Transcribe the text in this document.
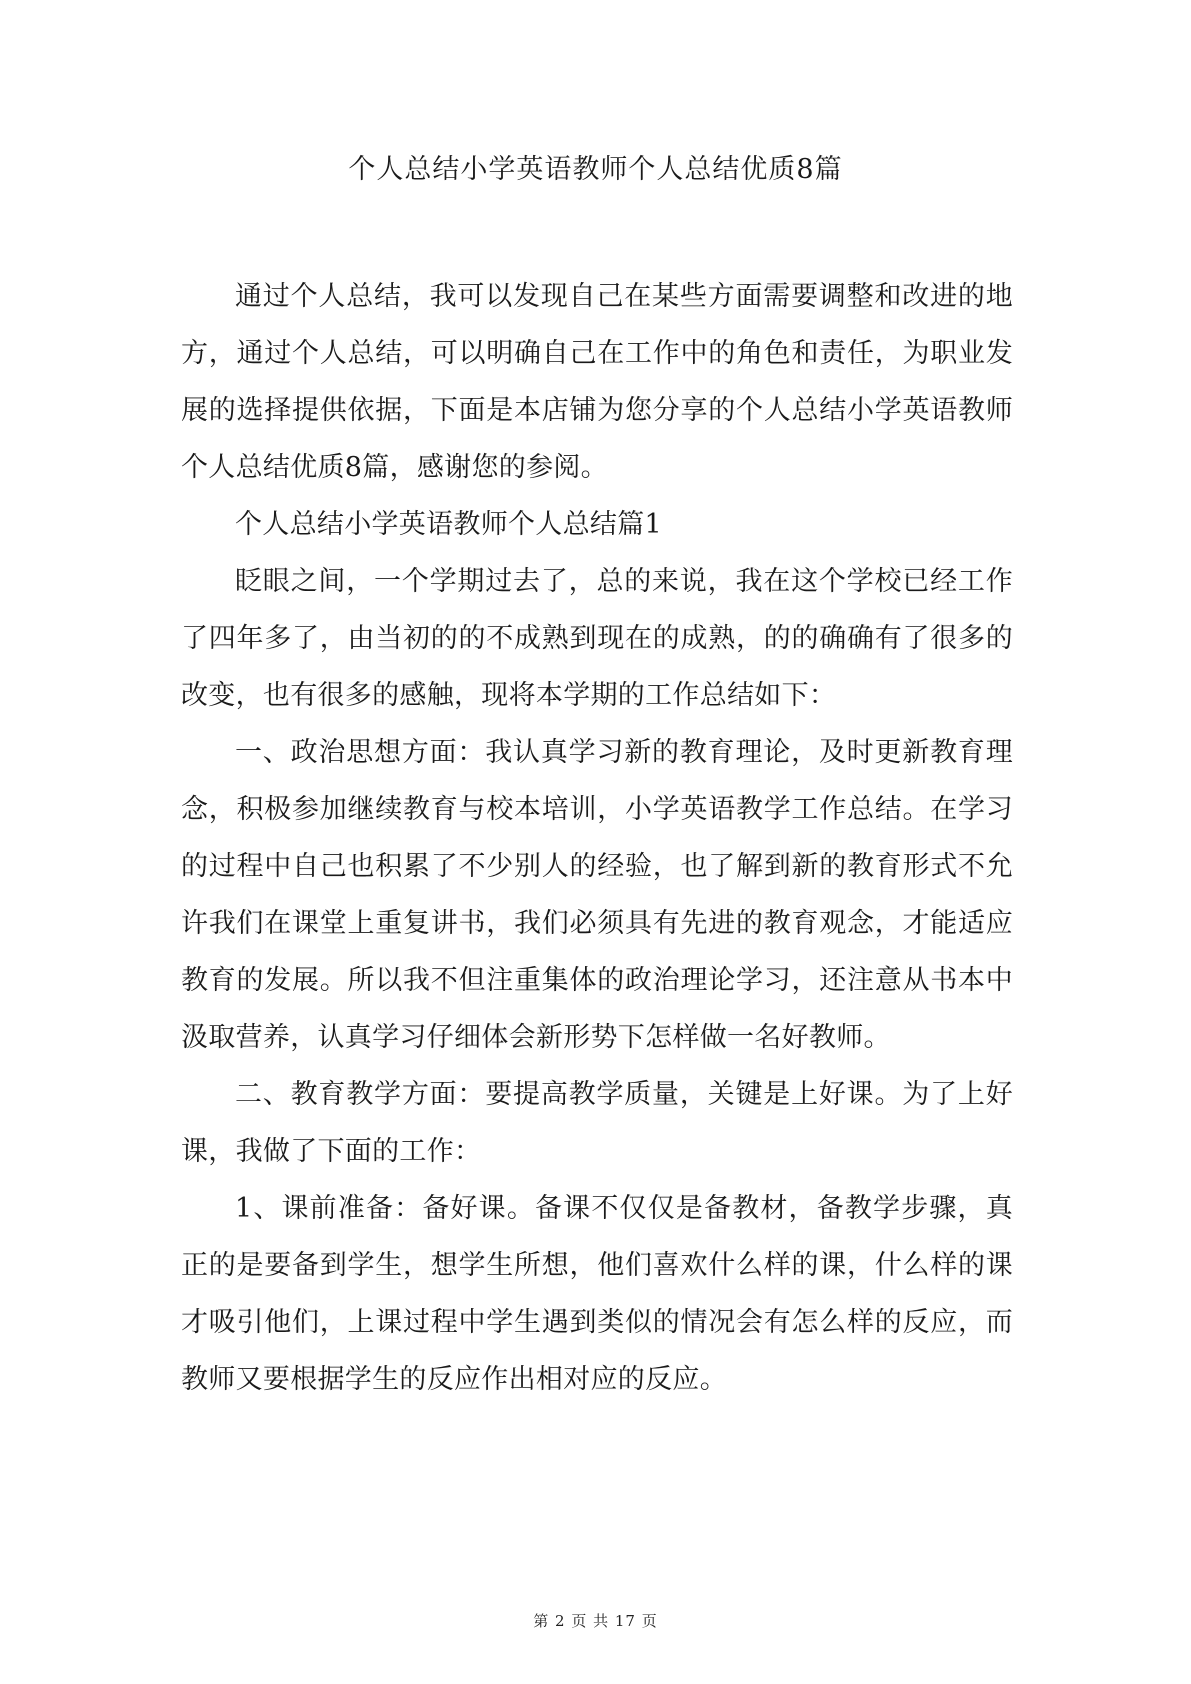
个人总结小学英语教师个人总结优质8篇

通过个人总结，我可以发现自己在某些方面需要调整和改进的地方，通过个人总结，可以明确自己在工作中的角色和责任，为职业发展的选择提供依据，下面是本店铺为您分享的个人总结小学英语教师个人总结优质8篇，感谢您的参阅。

个人总结小学英语教师个人总结篇1

眨眼之间，一个学期过去了，总的来说，我在这个学校已经工作了四年多了，由当初的的不成熟到现在的成熟，的的确确有了很多的改变，也有很多的感触，现将本学期的工作总结如下：

一、政治思想方面：我认真学习新的教育理论，及时更新教育理念，积极参加继续教育与校本培训，小学英语教学工作总结。在学习的过程中自己也积累了不少别人的经验，也了解到新的教育形式不允许我们在课堂上重复讲书，我们必须具有先进的教育观念，才能适应教育的发展。所以我不但注重集体的政治理论学习，还注意从书本中汲取营养，认真学习仔细体会新形势下怎样做一名好教师。

二、教育教学方面：要提高教学质量，关键是上好课。为了上好课，我做了下面的工作：

1、课前准备：备好课。备课不仅仅是备教材，备教学步骤，真正的是要备到学生，想学生所想，他们喜欢什么样的课，什么样的课才吸引他们，上课过程中学生遇到类似的情况会有怎么样的反应，而教师又要根据学生的反应作出相对应的反应。

第 2 页 共 17 页
